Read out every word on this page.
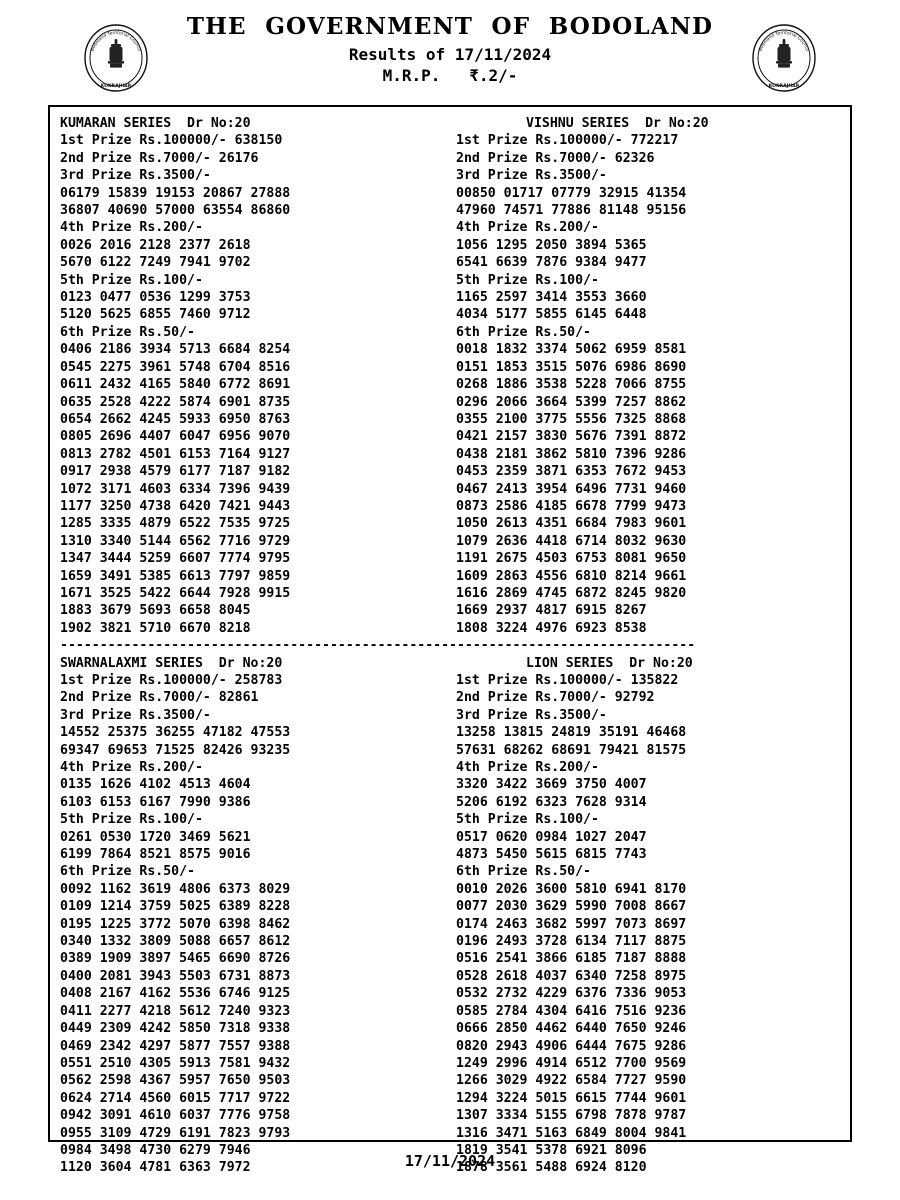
KOKRAJHAR
Bodoland Territorial Council
THE  GOVERNMENT  OF  BODOLAND
Results of 17/11/2024
M.R.P.   ₹.2/-
KOKRAJHAR
Bodoland Territorial Council
KUMARAN SERIES  Dr No:20
1st Prize Rs.100000/- 638150
2nd Prize Rs.7000/- 26176
3rd Prize Rs.3500/-
06179 15839 19153 20867 27888
36807 40690 57000 63554 86860
4th Prize Rs.200/-
0026 2016 2128 2377 2618
5670 6122 7249 7941 9702
5th Prize Rs.100/-
0123 0477 0536 1299 3753
5120 5625 6855 7460 9712
6th Prize Rs.50/-
0406 2186 3934 5713 6684 8254
0545 2275 3961 5748 6704 8516
0611 2432 4165 5840 6772 8691
0635 2528 4222 5874 6901 8735
0654 2662 4245 5933 6950 8763
0805 2696 4407 6047 6956 9070
0813 2782 4501 6153 7164 9127
0917 2938 4579 6177 7187 9182
1072 3171 4603 6334 7396 9439
1177 3250 4738 6420 7421 9443
1285 3335 4879 6522 7535 9725
1310 3340 5144 6562 7716 9729
1347 3444 5259 6607 7774 9795
1659 3491 5385 6613 7797 9859
1671 3525 5422 6644 7928 9915
1883 3679 5693 6658 8045
1902 3821 5710 6670 8218
VISHNU SERIES  Dr No:20
1st Prize Rs.100000/- 772217
2nd Prize Rs.7000/- 62326
3rd Prize Rs.3500/-
00850 01717 07779 32915 41354
47960 74571 77886 81148 95156
4th Prize Rs.200/-
1056 1295 2050 3894 5365
6541 6639 7876 9384 9477
5th Prize Rs.100/-
1165 2597 3414 3553 3660
4034 5177 5855 6145 6448
6th Prize Rs.50/-
0018 1832 3374 5062 6959 8581
0151 1853 3515 5076 6986 8690
0268 1886 3538 5228 7066 8755
0296 2066 3664 5399 7257 8862
0355 2100 3775 5556 7325 8868
0421 2157 3830 5676 7391 8872
0438 2181 3862 5810 7396 9286
0453 2359 3871 6353 7672 9453
0467 2413 3954 6496 7731 9460
0873 2586 4185 6678 7799 9473
1050 2613 4351 6684 7983 9601
1079 2636 4418 6714 8032 9630
1191 2675 4503 6753 8081 9650
1609 2863 4556 6810 8214 9661
1616 2869 4745 6872 8245 9820
1669 2937 4817 6915 8267
1808 3224 4976 6923 8538
--------------------------------------------------------------------------------
SWARNALAXMI SERIES  Dr No:20
1st Prize Rs.100000/- 258783
2nd Prize Rs.7000/- 82861
3rd Prize Rs.3500/-
14552 25375 36255 47182 47553
69347 69653 71525 82426 93235
4th Prize Rs.200/-
0135 1626 4102 4513 4604
6103 6153 6167 7990 9386
5th Prize Rs.100/-
0261 0530 1720 3469 5621
6199 7864 8521 8575 9016
6th Prize Rs.50/-
0092 1162 3619 4806 6373 8029
0109 1214 3759 5025 6389 8228
0195 1225 3772 5070 6398 8462
0340 1332 3809 5088 6657 8612
0389 1909 3897 5465 6690 8726
0400 2081 3943 5503 6731 8873
0408 2167 4162 5536 6746 9125
0411 2277 4218 5612 7240 9323
0449 2309 4242 5850 7318 9338
0469 2342 4297 5877 7557 9388
0551 2510 4305 5913 7581 9432
0562 2598 4367 5957 7650 9503
0624 2714 4560 6015 7717 9722
0942 3091 4610 6037 7776 9758
0955 3109 4729 6191 7823 9793
0984 3498 4730 6279 7946
1120 3604 4781 6363 7972
LION SERIES  Dr No:20
1st Prize Rs.100000/- 135822
2nd Prize Rs.7000/- 92792
3rd Prize Rs.3500/-
13258 13815 24819 35191 46468
57631 68262 68691 79421 81575
4th Prize Rs.200/-
3320 3422 3669 3750 4007
5206 6192 6323 7628 9314
5th Prize Rs.100/-
0517 0620 0984 1027 2047
4873 5450 5615 6815 7743
6th Prize Rs.50/-
0010 2026 3600 5810 6941 8170
0077 2030 3629 5990 7008 8667
0174 2463 3682 5997 7073 8697
0196 2493 3728 6134 7117 8875
0516 2541 3866 6185 7187 8888
0528 2618 4037 6340 7258 8975
0532 2732 4229 6376 7336 9053
0585 2784 4304 6416 7516 9236
0666 2850 4462 6440 7650 9246
0820 2943 4906 6444 7675 9286
1249 2996 4914 6512 7700 9569
1266 3029 4922 6584 7727 9590
1294 3224 5015 6615 7744 9601
1307 3334 5155 6798 7878 9787
1316 3471 5163 6849 8004 9841
1819 3541 5378 6921 8096
1878 3561 5488 6924 8120
17/11/2024
